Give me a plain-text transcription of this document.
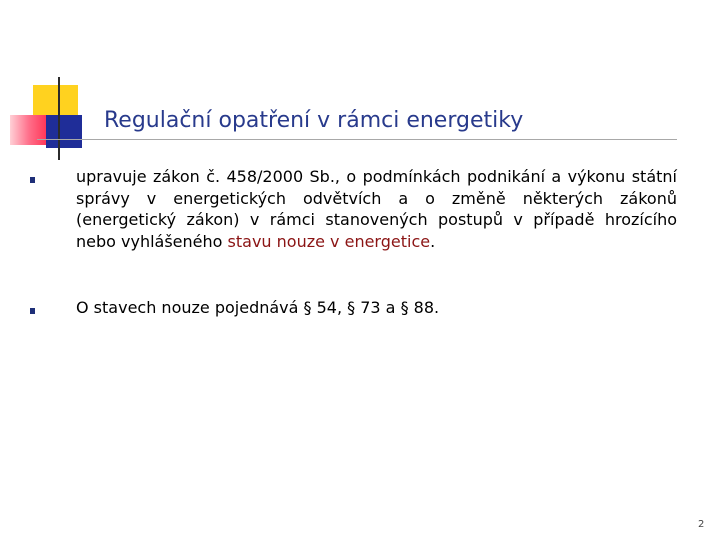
Regulační opatření v rámci energetiky
upravuje zákon č. 458/2000 Sb., o podmínkách podnikání a výkonu státní správy v energetických odvětvích a o změně některých zákonů (energetický zákon) v rámci stanovených postupů v případě hrozícího nebo vyhlášeného stavu nouze v energetice.
O stavech nouze pojednává § 54, § 73 a § 88.
2
